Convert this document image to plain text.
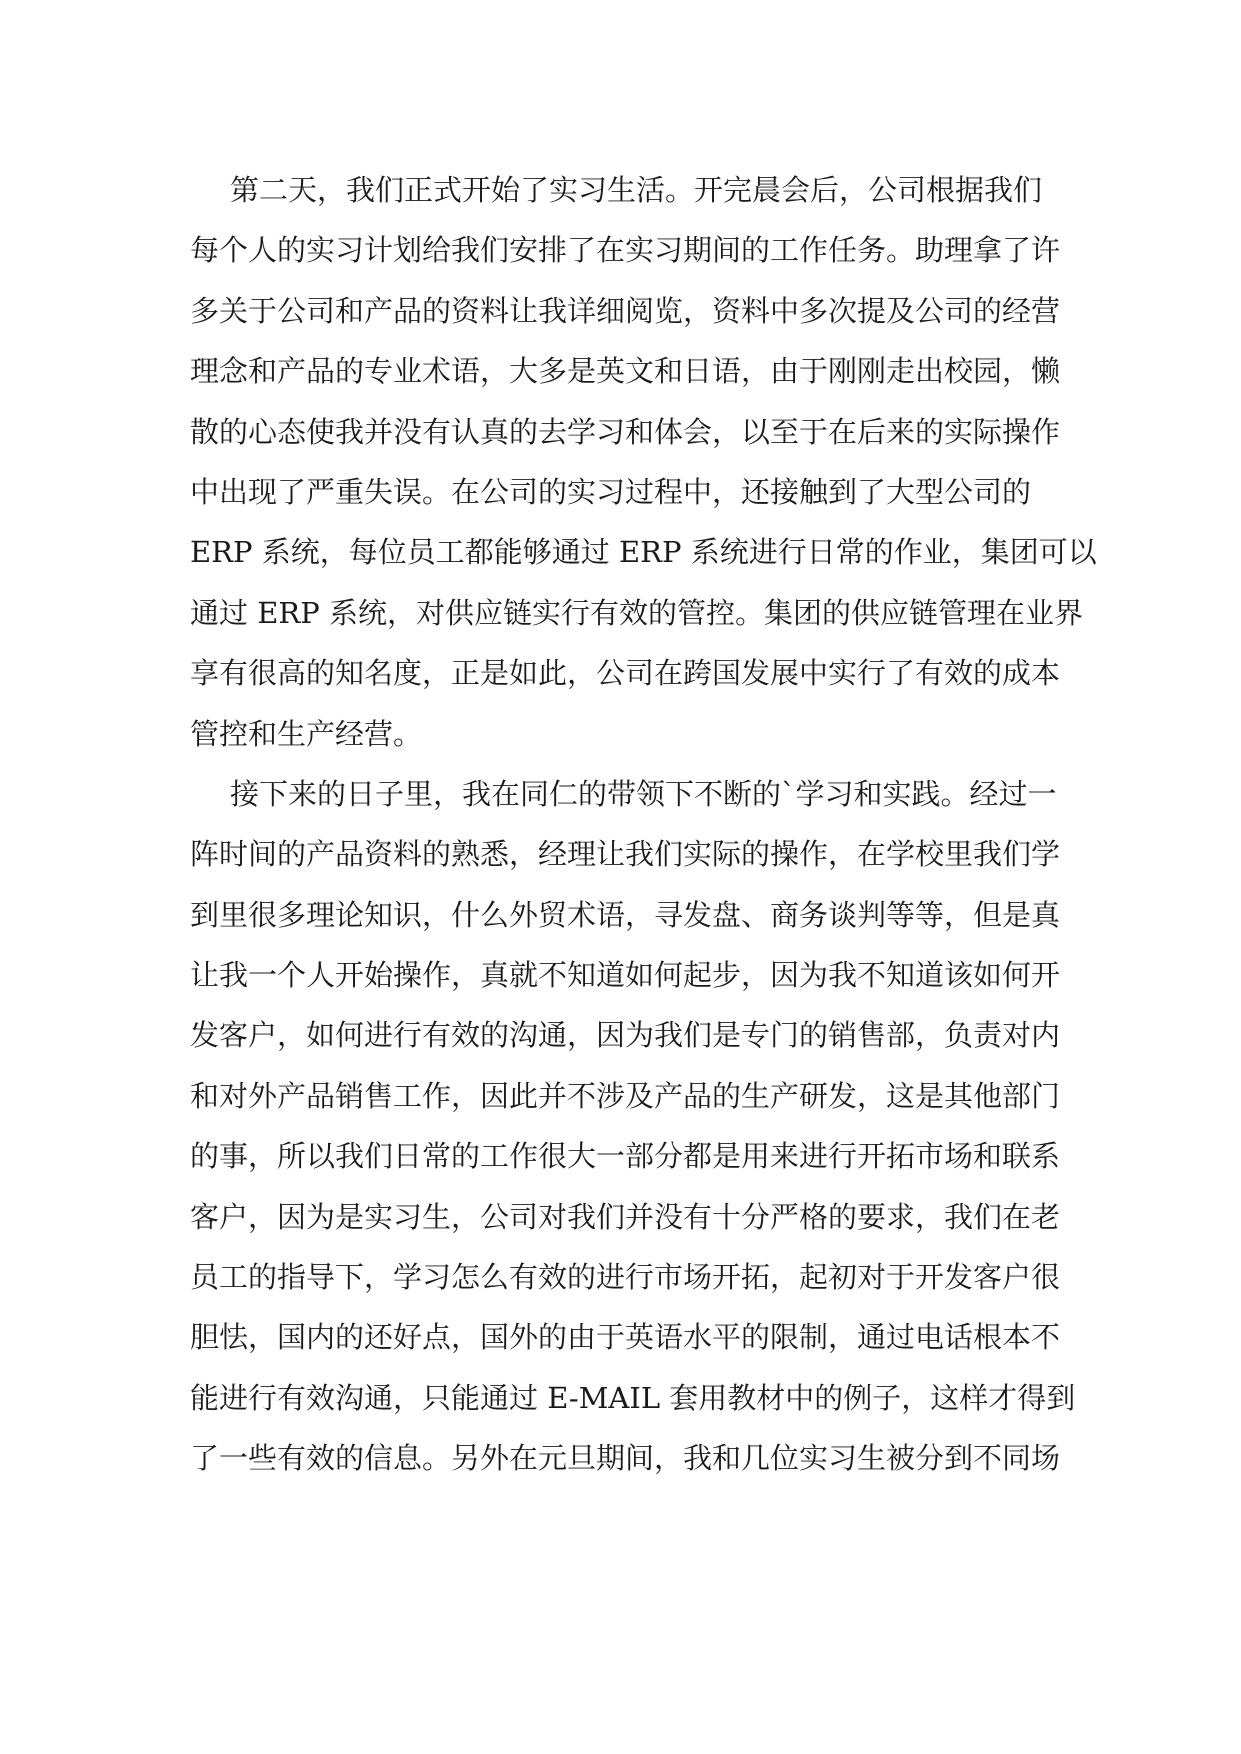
第二天，我们正式开始了实习生活。开完晨会后，公司根据我们
每个人的实习计划给我们安排了在实习期间的工作任务。助理拿了许
多关于公司和产品的资料让我详细阅览，资料中多次提及公司的经营
理念和产品的专业术语，大多是英文和日语，由于刚刚走出校园，懒
散的心态使我并没有认真的去学习和体会，以至于在后来的实际操作
中出现了严重失误。在公司的实习过程中，还接触到了大型公司的
ERP 系统，每位员工都能够通过 ERP 系统进行日常的作业，集团可以
通过 ERP 系统，对供应链实行有效的管控。集团的供应链管理在业界
享有很高的知名度，正是如此，公司在跨国发展中实行了有效的成本
管控和生产经营。
接下来的日子里，我在同仁的带领下不断的`学习和实践。经过一
阵时间的产品资料的熟悉，经理让我们实际的操作，在学校里我们学
到里很多理论知识，什么外贸术语，寻发盘、商务谈判等等，但是真
让我一个人开始操作，真就不知道如何起步，因为我不知道该如何开
发客户，如何进行有效的沟通，因为我们是专门的销售部，负责对内
和对外产品销售工作，因此并不涉及产品的生产研发，这是其他部门
的事，所以我们日常的工作很大一部分都是用来进行开拓市场和联系
客户，因为是实习生，公司对我们并没有十分严格的要求，我们在老
员工的指导下，学习怎么有效的进行市场开拓，起初对于开发客户很
胆怯，国内的还好点，国外的由于英语水平的限制，通过电话根本不
能进行有效沟通，只能通过 E-MAIL 套用教材中的例子，这样才得到
了一些有效的信息。另外在元旦期间，我和几位实习生被分到不同场
